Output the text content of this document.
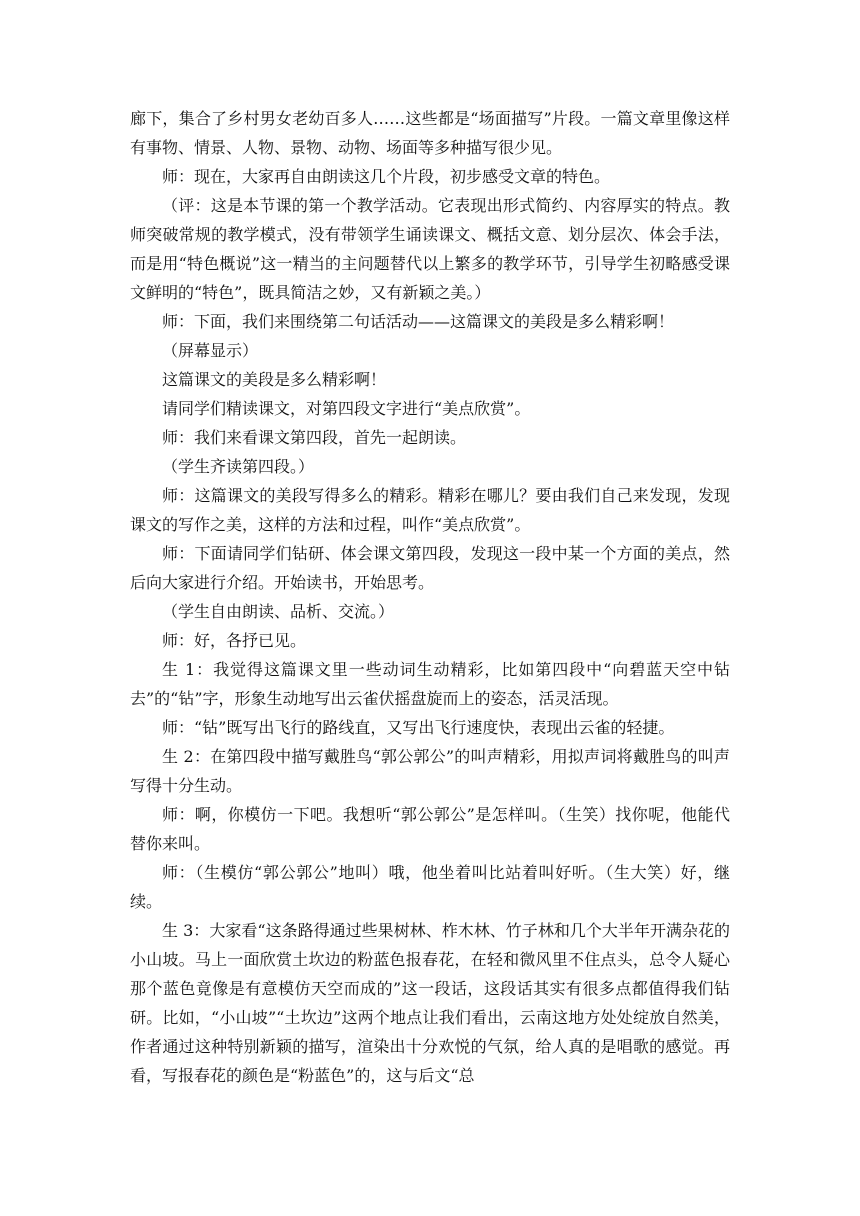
廊下，集合了乡村男女老幼百多人……这些都是“场面描写”片段。一篇文章里像这样有事物、情景、人物、景物、动物、场面等多种描写很少见。

师：现在，大家再自由朗读这几个片段，初步感受文章的特色。

（评：这是本节课的第一个教学活动。它表现出形式简约、内容厚实的特点。教师突破常规的教学模式，没有带领学生诵读课文、概括文意、划分层次、体会手法，而是用“特色概说”这一精当的主问题替代以上繁多的教学环节，引导学生初略感受课文鲜明的“特色”，既具简洁之妙，又有新颖之美。）

师：下面，我们来围绕第二句话活动——这篇课文的美段是多么精彩啊！

（屏幕显示）

这篇课文的美段是多么精彩啊！

请同学们精读课文，对第四段文字进行“美点欣赏”。

师：我们来看课文第四段，首先一起朗读。

（学生齐读第四段。）

师：这篇课文的美段写得多么的精彩。精彩在哪儿？要由我们自己来发现，发现课文的写作之美，这样的方法和过程，叫作“美点欣赏”。

师：下面请同学们钻研、体会课文第四段，发现这一段中某一个方面的美点，然后向大家进行介绍。开始读书，开始思考。

（学生自由朗读、品析、交流。）

师：好，各抒已见。

生 1：我觉得这篇课文里一些动词生动精彩，比如第四段中“向碧蓝天空中钻去”的“钻”字，形象生动地写出云雀伏摇盘旋而上的姿态，活灵活现。

师：“钻”既写出飞行的路线直，又写出飞行速度快，表现出云雀的轻捷。

生 2：在第四段中描写戴胜鸟“郭公郭公”的叫声精彩，用拟声词将戴胜鸟的叫声写得十分生动。

师：啊，你模仿一下吧。我想听“郭公郭公”是怎样叫。（生笑）找你呢，他能代替你来叫。

师：（生模仿“郭公郭公”地叫）哦，他坐着叫比站着叫好听。（生大笑）好，继续。

生 3：大家看“这条路得通过些果树林、柞木林、竹子林和几个大半年开满杂花的小山坡。马上一面欣赏土坎边的粉蓝色报春花，在轻和微风里不住点头，总令人疑心那个蓝色竟像是有意模仿天空而成的”这一段话，这段话其实有很多点都值得我们钻研。比如，“小山坡”“土坎边”这两个地点让我们看出，云南这地方处处绽放自然美，作者通过这种特别新颖的描写，渲染出十分欢悦的气氛，给人真的是唱歌的感觉。再看，写报春花的颜色是“粉蓝色”的，这与后文“总
